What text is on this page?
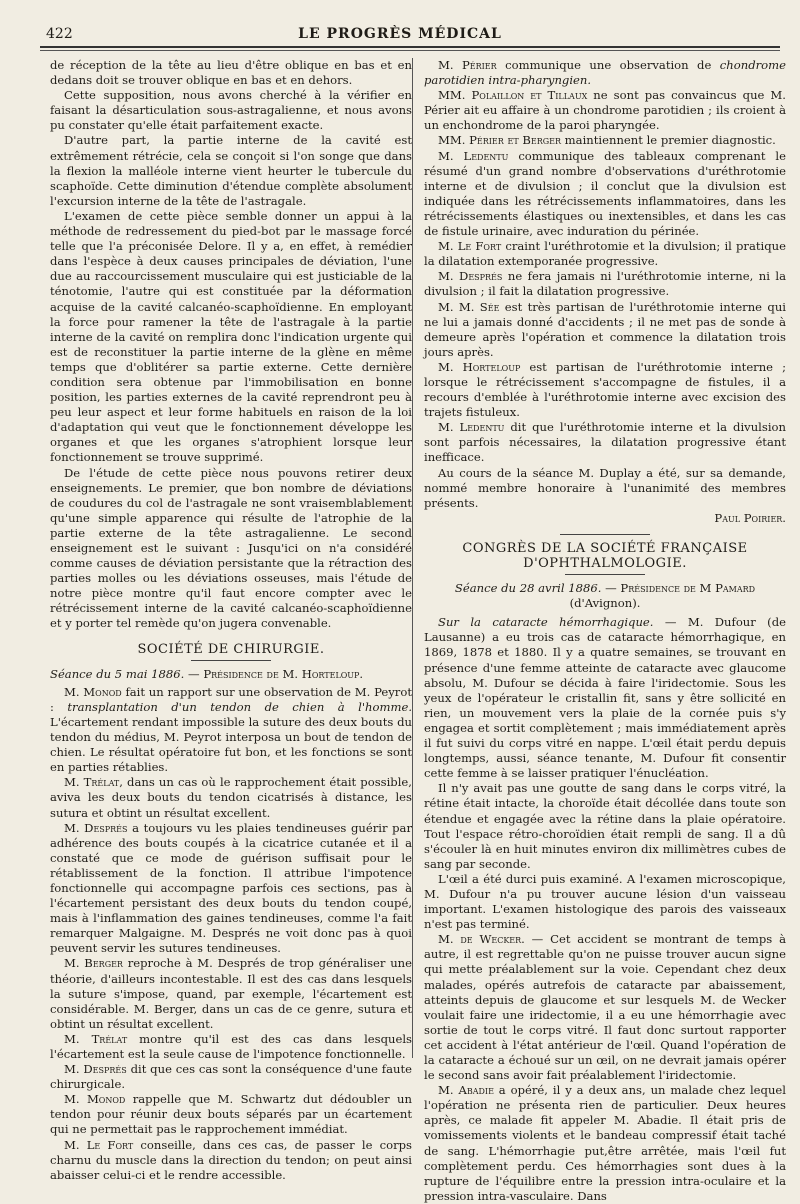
422	LE PROGRÈS MÉDICAL

de réception de la tête au lieu d'être oblique en bas et en dedans doit se trouver oblique en bas et en dehors.

Cette supposition, nous avons cherché à la vérifier en faisant la désarticulation sous-astragalienne, et nous avons pu constater qu'elle était parfaitement exacte.

D'autre part, la partie interne de la cavité est extrêmement rétrécie, cela se conçoit si l'on songe que dans la flexion la malléole interne vient heurter le tubercule du scaphoïde. Cette diminution d'étendue complète absolument l'excursion interne de la tête de l'astragale.

L'examen de cette pièce semble donner un appui à la méthode de redressement du pied-bot par le massage forcé telle que l'a préconisée Delore. Il y a, en effet, à remédier dans l'espèce à deux causes principales de déviation, l'une due au raccourcissement musculaire qui est justiciable de la ténotomie, l'autre qui est constituée par la déformation acquise de la cavité calcanéo-scaphoïdienne. En employant la force pour ramener la tête de l'astragale à la partie interne de la cavité on remplira donc l'indication urgente qui est de reconstituer la partie interne de la glène en même temps que d'oblitérer sa partie externe. Cette dernière condition sera obtenue par l'immobilisation en bonne position, les parties externes de la cavité reprendront peu à peu leur aspect et leur forme habituels en raison de la loi d'adaptation qui veut que le fonctionnement développe les organes et que les organes s'atrophient lorsque leur fonctionnement se trouve supprimé.

De l'étude de cette pièce nous pouvons retirer deux enseignements. Le premier, que bon nombre de déviations de coudures du col de l'astragale ne sont vraisemblablement qu'une simple apparence qui résulte de l'atrophie de la partie externe de la tête astragalienne. Le second enseignement est le suivant : Jusqu'ici on n'a considéré comme causes de déviation persistante que la rétraction des parties molles ou les déviations osseuses, mais l'étude de notre pièce montre qu'il faut encore compter avec le rétrécissement interne de la cavité calcanéo-scaphoïdienne et y porter tel remède qu'on jugera convenable.

SOCIÉTÉ DE CHIRURGIE.

Séance du 5 mai 1886. — Présidence de M. Horteloup.

M. Monod fait un rapport sur une observation de M. Peyrot : transplantation d'un tendon de chien à l'homme. L'écartement rendant impossible la suture des deux bouts du tendon du médius, M. Peyrot interposa un bout de tendon de chien. Le résultat opératoire fut bon, et les fonctions se sont en parties rétablies.

M. Trélat, dans un cas où le rapprochement était possible, aviva les deux bouts du tendon cicatrisés à distance, les sutura et obtint un résultat excellent.

M. Després a toujours vu les plaies tendineuses guérir par adhérence des bouts coupés à la cicatrice cutanée et il a constaté que ce mode de guérison suffisait pour le rétablissement de la fonction. Il attribue l'impotence fonctionnelle qui accompagne parfois ces sections, pas à l'écartement persistant des deux bouts du tendon coupé, mais à l'inflammation des gaines tendineuses, comme l'a fait remarquer Malgaigne. M. Després ne voit donc pas à quoi peuvent servir les sutures tendineuses.

M. Berger reproche à M. Després de trop généraliser une théorie, d'ailleurs incontestable. Il est des cas dans lesquels la suture s'impose, quand, par exemple, l'écartement est considérable. M. Berger, dans un cas de ce genre, sutura et obtint un résultat excellent.

M. Trélat montre qu'il est des cas dans lesquels l'écartement est la seule cause de l'impotence fonctionnelle.

M. Després dit que ces cas sont la conséquence d'une faute chirurgicale.

M. Monod rappelle que M. Schwartz dut dédoubler un tendon pour réunir deux bouts séparés par un écartement qui ne permettait pas le rapprochement immédiat.

M. Le Fort conseille, dans ces cas, de passer le corps charnu du muscle dans la direction du tendon; on peut ainsi abaisser celui-ci et le rendre accessible.

M. Périer communique une observation de chondrome parotidien intra-pharyngien.

MM. Polaillon et Tillaux ne sont pas convaincus que M. Périer ait eu affaire à un chondrome parotidien ; ils croient à un enchondrome de la paroi pharyngée.

MM. Périer et Berger maintiennent le premier diagnostic.

M. Ledentu communique des tableaux comprenant le résumé d'un grand nombre d'observations d'uréthrotomie interne et de divulsion ; il conclut que la divulsion est indiquée dans les rétrécissements inflammatoires, dans les rétrécissements élastiques ou inextensibles, et dans les cas de fistule urinaire, avec induration du périnée.

M. Le Fort craint l'uréthrotomie et la divulsion; il pratique la dilatation extemporanée progressive.

M. Després ne fera jamais ni l'uréthrotomie interne, ni la divulsion ; il fait la dilatation progressive.

M. M. Sée est très partisan de l'uréthrotomie interne qui ne lui a jamais donné d'accidents ; il ne met pas de sonde à demeure après l'opération et commence la dilatation trois jours après.

M. Horteloup est partisan de l'uréthrotomie interne ; lorsque le rétrécissement s'accompagne de fistules, il a recours d'emblée à l'uréthrotomie interne avec excision des trajets fistuleux.

M. Ledentu dit que l'uréthrotomie interne et la divulsion sont parfois nécessaires, la dilatation progressive étant inefficace.

Au cours de la séance M. Duplay a été, sur sa demande, nommé membre honoraire à l'unanimité des membres présents.

Paul Poirier.

CONGRÈS DE LA SOCIÉTÉ FRANÇAISE
D'OPHTHALMOLOGIE.

Séance du 28 avril 1886. — Présidence de M Pamard

(d'Avignon).

Sur la cataracte hémorrhagique. — M. Dufour (de Lausanne) a eu trois cas de cataracte hémorrhagique, en 1869, 1878 et 1880. Il y a quatre semaines, se trouvant en présence d'une femme atteinte de cataracte avec glaucome absolu, M. Dufour se décida à faire l'iridectomie. Sous les yeux de l'opérateur le cristallin fit, sans y être sollicité en rien, un mouvement vers la plaie de la cornée puis s'y engagea et sortit complètement ; mais immédiatement après il fut suivi du corps vitré en nappe. L'œil était perdu depuis longtemps, aussi, séance tenante, M. Dufour fit consentir cette femme à se laisser pratiquer l'énucléation.

Il n'y avait pas une goutte de sang dans le corps vitré, la rétine était intacte, la choroïde était décollée dans toute son étendue et engagée avec la rétine dans la plaie opératoire. Tout l'espace rétro-choroïdien était rempli de sang. Il a dû s'écouler là en huit minutes environ dix millimètres cubes de sang par seconde.

L'œil a été durci puis examiné. A l'examen microscopique, M. Dufour n'a pu trouver aucune lésion d'un vaisseau important. L'examen histologique des parois des vaisseaux n'est pas terminé.

M. de Wecker. — Cet accident se montrant de temps à autre, il est regrettable qu'on ne puisse trouver aucun signe qui mette préalablement sur la voie. Cependant chez deux malades, opérés autrefois de cataracte par abaissement, atteints depuis de glaucome et sur lesquels M. de Wecker voulait faire une iridectomie, il a eu une hémorrhagie avec sortie de tout le corps vitré. Il faut donc surtout rapporter cet accident à l'état antérieur de l'œil. Quand l'opération de la cataracte a échoué sur un œil, on ne devrait jamais opérer le second sans avoir fait préalablement l'iridectomie.

M. Abadie a opéré, il y a deux ans, un malade chez lequel l'opération ne présenta rien de particulier. Deux heures après, ce malade fit appeler M. Abadie. Il était pris de vomissements violents et le bandeau compressif était taché de sang. L'hémorrhagie put,être arrêtée, mais l'œil fut complètement perdu. Ces hémorrhagies sont dues à la rupture de l'équilibre entre la pression intra-oculaire et la pression intra-vasculaire. Dans
